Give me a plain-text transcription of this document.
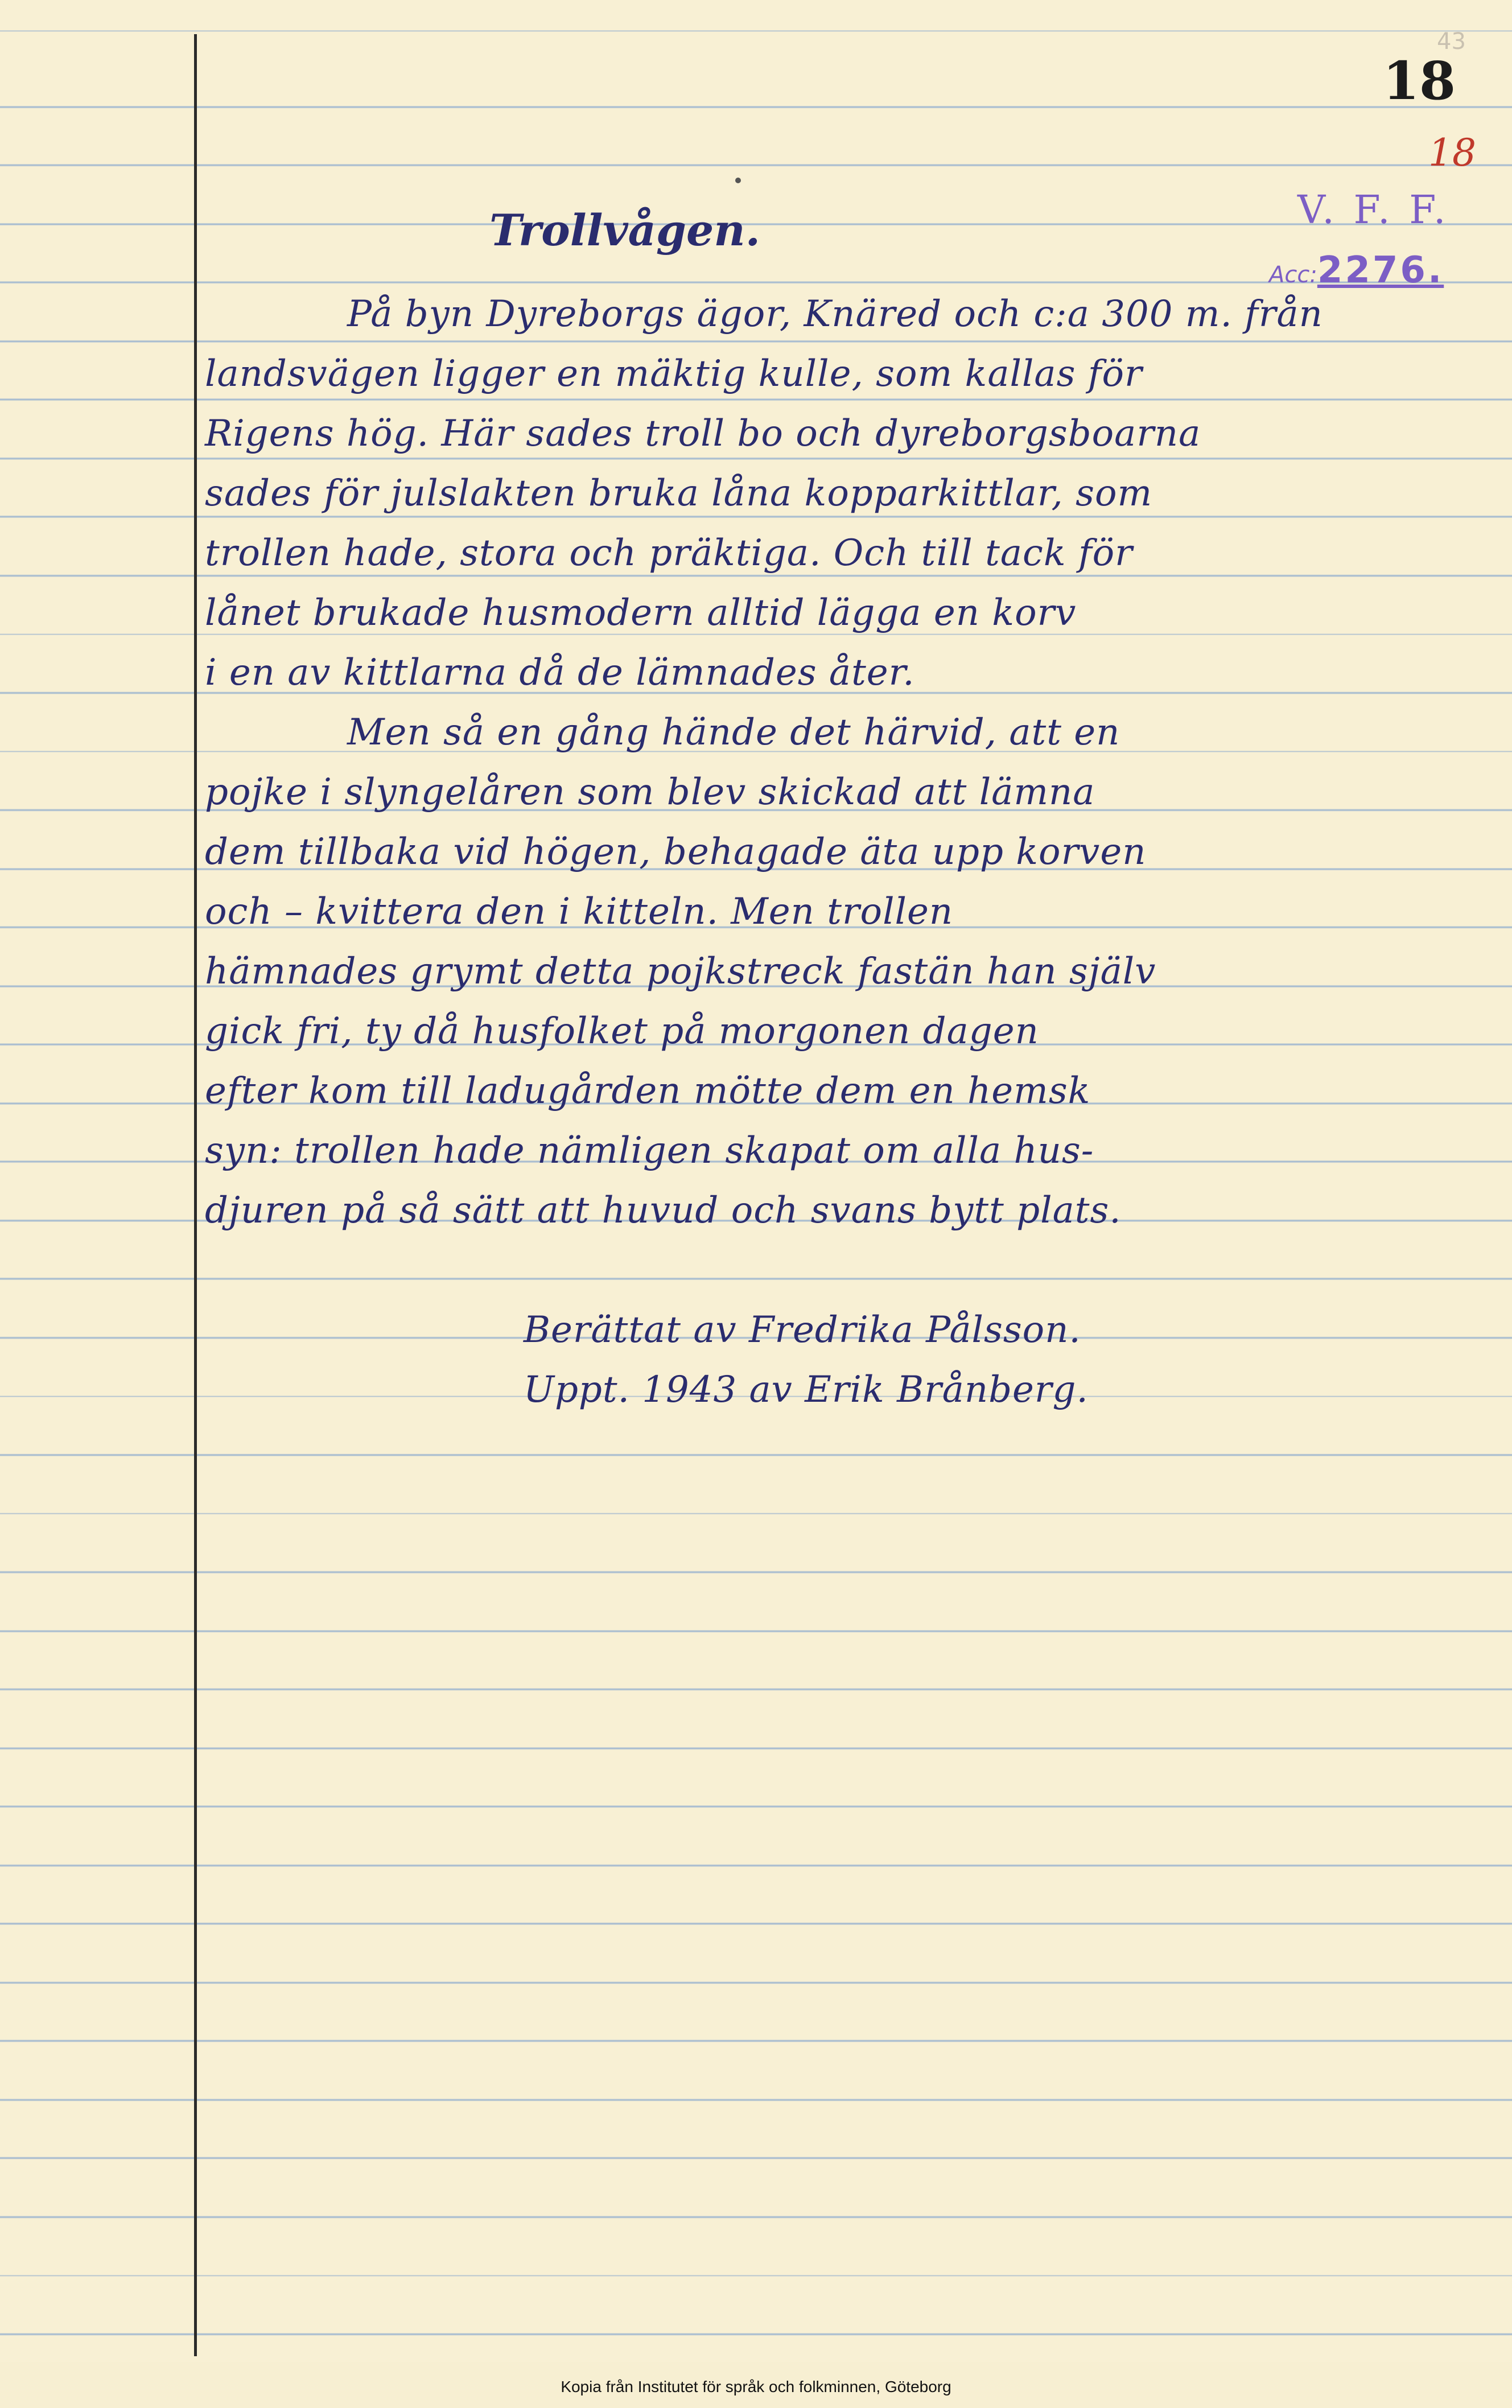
43
18
18
V. F. F.
Acc:2276.
Trollvågen.

På byn Dyreborgs ägor, Knäred och c:a 300 m. från

landsvägen ligger en mäktig kulle, som kallas för

Rigens hög. Här sades troll bo och dyreborgsboarna

sades för julslakten bruka låna kopparkittlar, som

trollen hade, stora och präktiga. Och till tack för

lånet brukade husmodern alltid lägga en korv

i en av kittlarna då de lämnades åter.

Men så en gång hände det härvid, att en

pojke i slyngelåren som blev skickad att lämna

dem tillbaka vid högen, behagade äta upp korven

och – kvittera den i kitteln. Men trollen

hämnades grymt detta pojkstreck fastän han själv

gick fri, ty då husfolket på morgonen dagen

efter kom till ladugården mötte dem en hemsk

syn: trollen hade nämligen skapat om alla hus-

djuren på så sätt att huvud och svans bytt plats.

Berättat av Fredrika Pålsson.

Uppt. 1943 av Erik Brånberg.

Kopia från Institutet för språk och folkminnen, Göteborg
